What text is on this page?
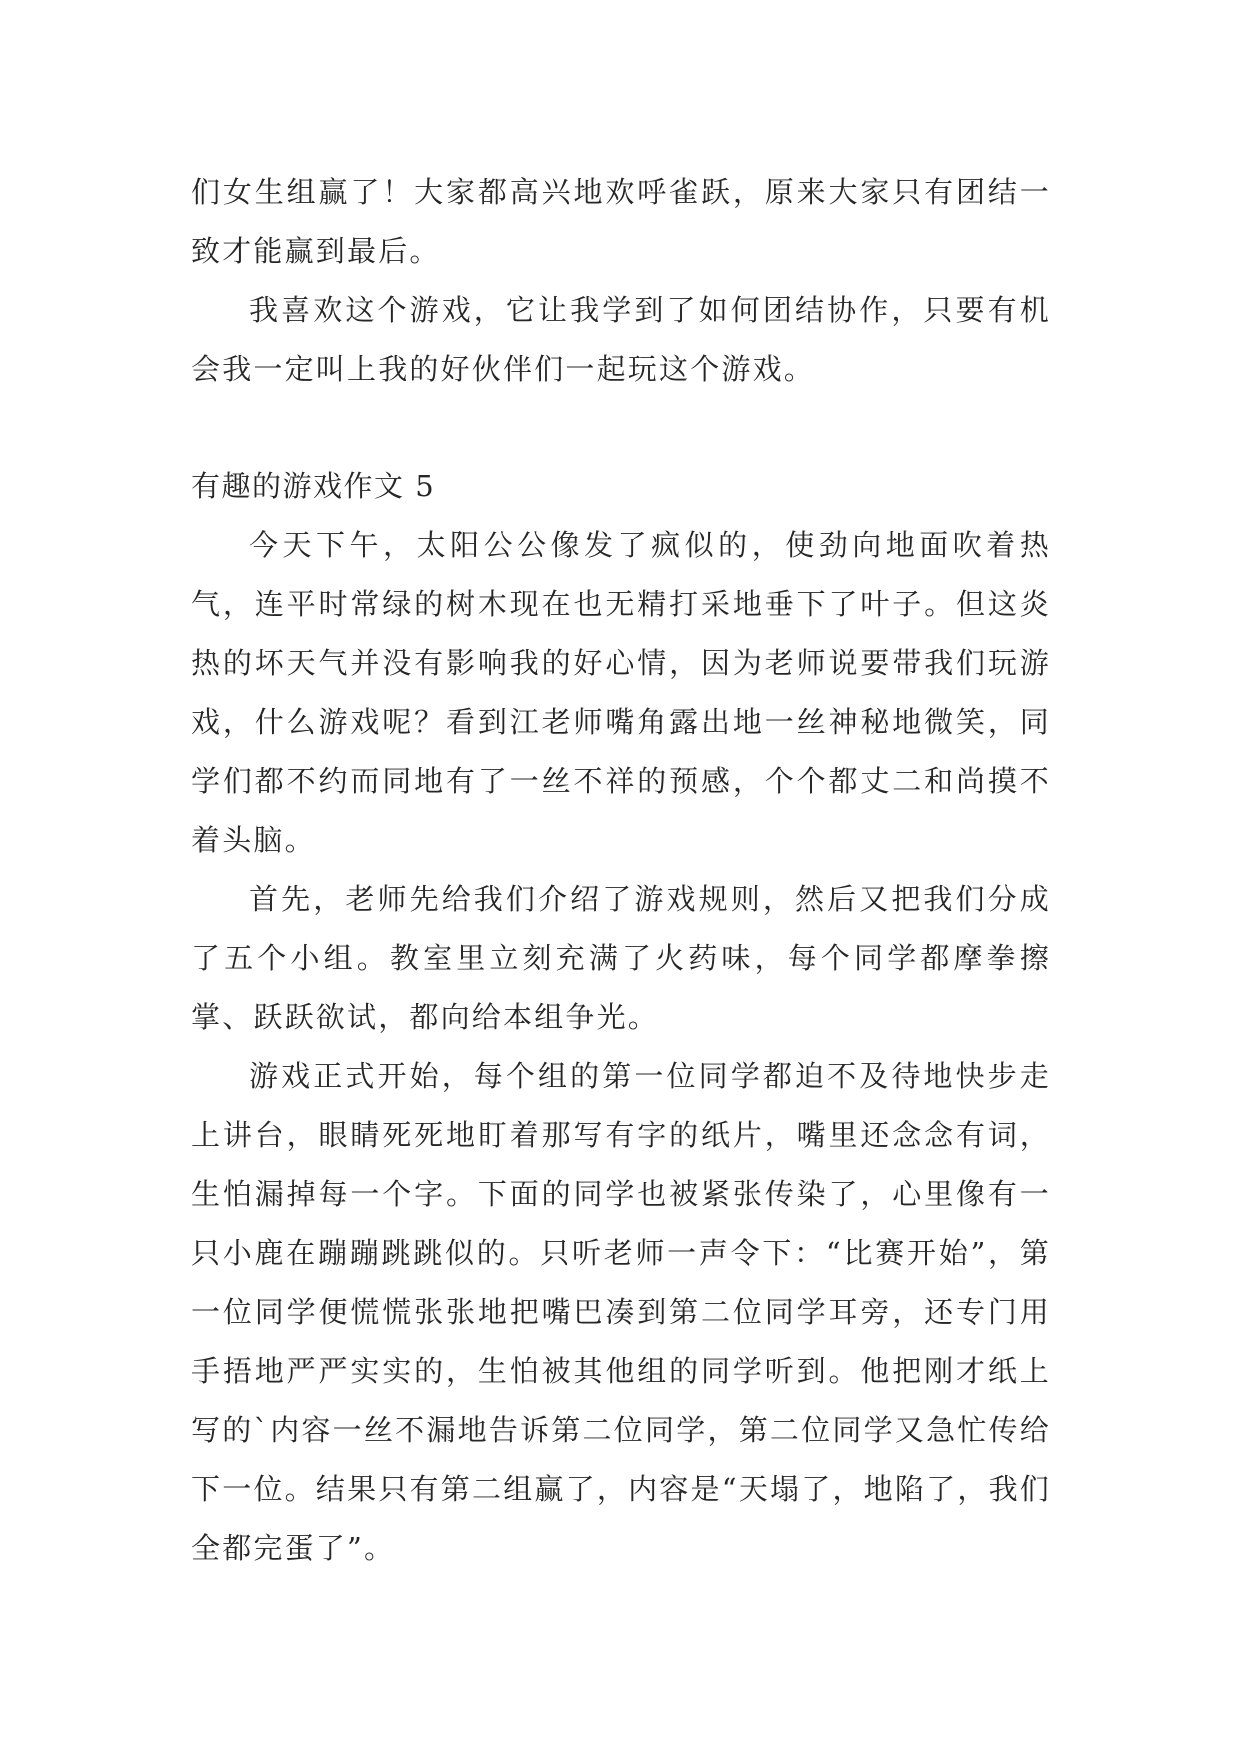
们女生组赢了！大家都高兴地欢呼雀跃，原来大家只有团结一致才能赢到最后。

我喜欢这个游戏，它让我学到了如何团结协作，只要有机会我一定叫上我的好伙伴们一起玩这个游戏。

有趣的游戏作文 5

今天下午，太阳公公像发了疯似的，使劲向地面吹着热气，连平时常绿的树木现在也无精打采地垂下了叶子。但这炎热的坏天气并没有影响我的好心情，因为老师说要带我们玩游戏，什么游戏呢？看到江老师嘴角露出地一丝神秘地微笑，同学们都不约而同地有了一丝不祥的预感，个个都丈二和尚摸不着头脑。

首先，老师先给我们介绍了游戏规则，然后又把我们分成了五个小组。教室里立刻充满了火药味，每个同学都摩拳擦掌、跃跃欲试，都向给本组争光。

游戏正式开始，每个组的第一位同学都迫不及待地快步走上讲台，眼睛死死地盯着那写有字的纸片，嘴里还念念有词，生怕漏掉每一个字。下面的同学也被紧张传染了，心里像有一只小鹿在蹦蹦跳跳似的。只听老师一声令下：“比赛开始”，第一位同学便慌慌张张地把嘴巴凑到第二位同学耳旁，还专门用手捂地严严实实的，生怕被其他组的同学听到。他把刚才纸上写的`内容一丝不漏地告诉第二位同学，第二位同学又急忙传给下一位。结果只有第二组赢了，内容是“天塌了，地陷了，我们全都完蛋了”。
